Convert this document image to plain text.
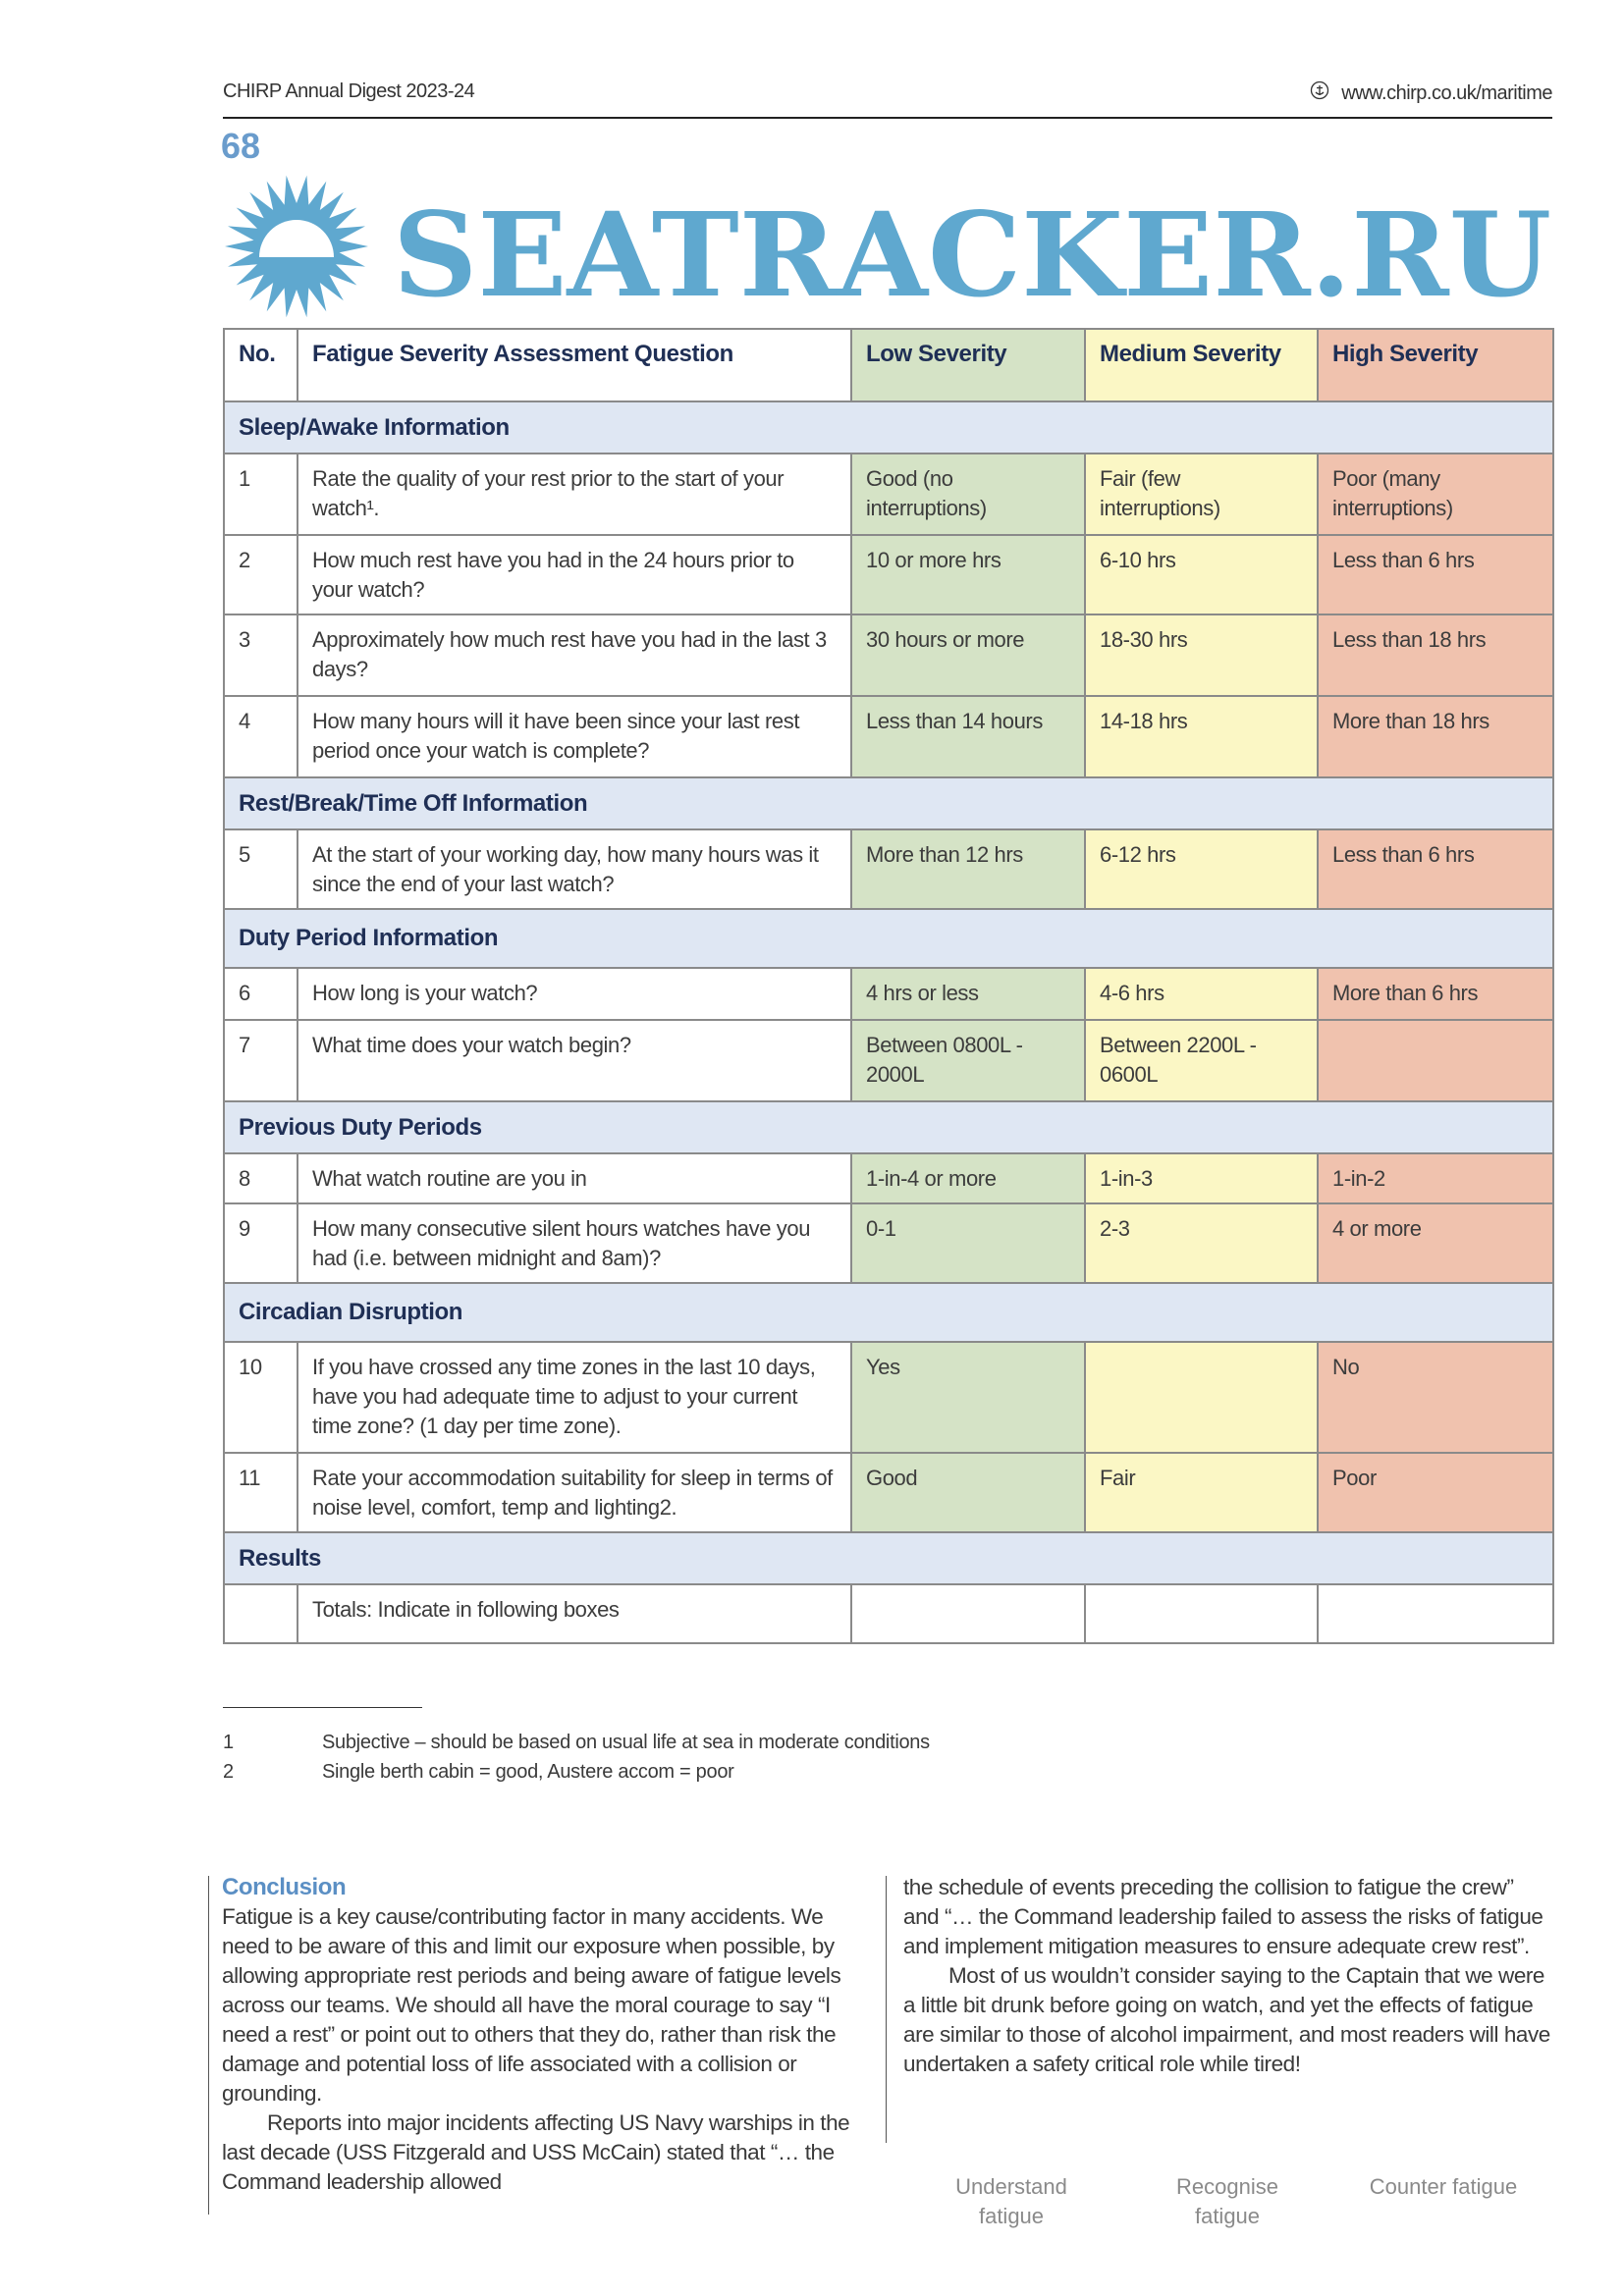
CHIRP Annual Digest 2023-24	www.chirp.co.uk/maritime
68
SEATRACKER.RU
No.	Fatigue Severity Assessment Question	Low Severity	Medium Severity	High Severity
Sleep/Awake Information				
1	Rate the quality of your rest prior to the start of your watch¹.	Good (no interruptions)	Fair (few interruptions)	Poor (many interruptions)
2	How much rest have you had in the 24 hours prior to your watch?	10 or more hrs	6-10 hrs	Less than 6 hrs
3	Approximately how much rest have you had in the last 3 days?	30 hours or more	18-30 hrs	Less than 18 hrs
4	How many hours will it have been since your last rest period once your watch is complete?	Less than 14 hours	14-18 hrs	More than 18 hrs
Rest/Break/Time Off Information				
5	At the start of your working day, how many hours was it since the end of your last watch?	More than 12 hrs	6-12 hrs	Less than 6 hrs
Duty Period Information				
6	How long is your watch?	4 hrs or less	4-6 hrs	More than 6 hrs
7	What time does your watch begin?	Between 0800L - 2000L	Between 2200L - 0600L	
Previous Duty Periods				
8	What watch routine are you in	1-in-4 or more	1-in-3	1-in-2
9	How many consecutive silent hours watches have you had (i.e. between midnight and 8am)?	0-1	2-3	4 or more
Circadian Disruption				
10	If you have crossed any time zones in the last 10 days, have you had adequate time to adjust to your current time zone? (1 day per time zone).	Yes		No
11	Rate your accommodation suitability for sleep in terms of noise level, comfort, temp and lighting2.	Good	Fair	Poor
Results				
	Totals: Indicate in following boxes			
1	Subjective – should be based on usual life at sea in moderate conditions
2	Single berth cabin = good, Austere accom = poor

Conclusion

Fatigue is a key cause/contributing factor in many accidents. We need to be aware of this and limit our exposure when possible, by allowing appropriate rest periods and being aware of fatigue levels across our teams. We should all have the moral courage to say “I need a rest” or point out to others that they do, rather than risk the damage and potential loss of life associated with a collision or grounding.

Reports into major incidents affecting US Navy warships in the last decade (USS Fitzgerald and USS McCain) stated that “… the Command leadership allowed

the schedule of events preceding the collision to fatigue the crew” and “… the Command leadership failed to assess the risks of fatigue and implement mitigation measures to ensure adequate crew rest”.

Most of us wouldn’t consider saying to the Captain that we were a little bit drunk before going on watch, and yet the effects of fatigue are similar to those of alcohol impairment, and most readers will have undertaken a safety critical role while tired!

Understand fatigue
Recognise fatigue
Counter fatigue
